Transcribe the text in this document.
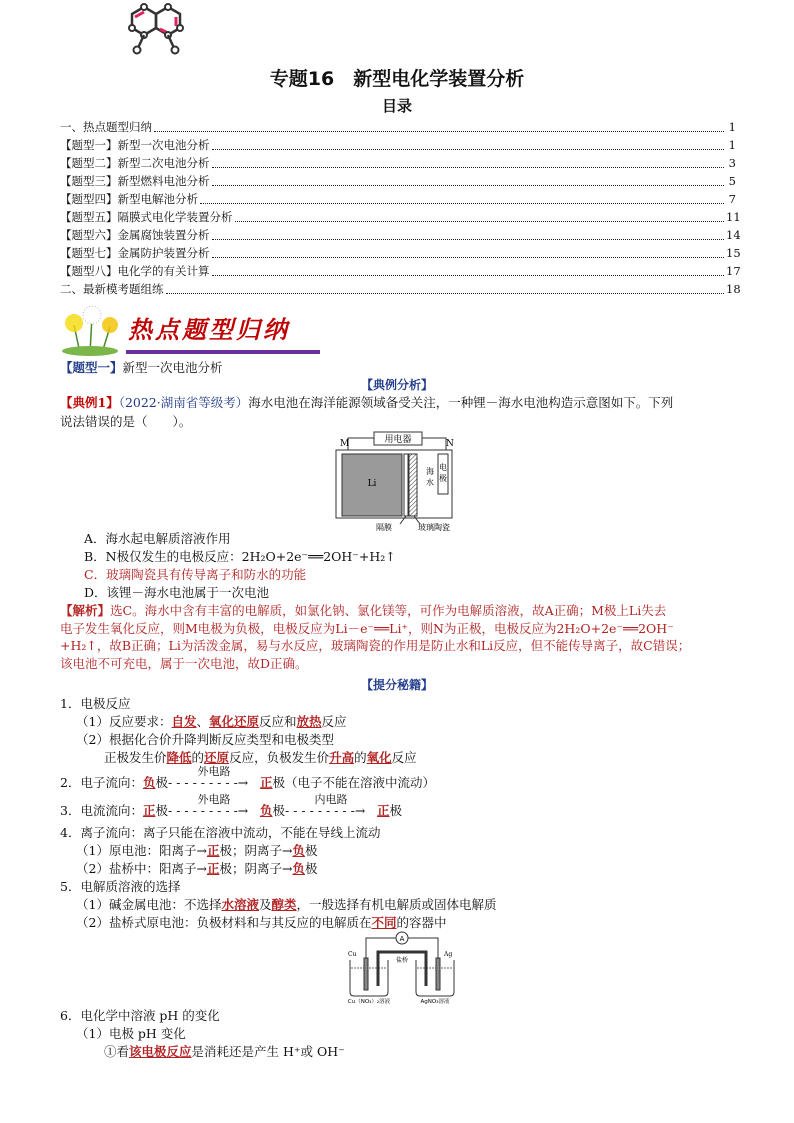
专题16　新型电化学装置分析
目录
一、热点题型归纳	1
【题型一】新型一次电池分析	1
【题型二】新型二次电池分析	3
【题型三】新型燃料电池分析	5
【题型四】新型电解池分析	7
【题型五】隔膜式电化学装置分析	11
【题型六】金属腐蚀装置分析	14
【题型七】金属防护装置分析	15
【题型八】电化学的有关计算	17
二、最新模考题组练	18
热点题型归纳
【题型一】新型一次电池分析
【典例分析】
【典例1】（2022·湖南省等级考）海水电池在海洋能源领域备受关注，一种锂－海水电池构造示意图如下。下列
说法错误的是（　　）。
用电器
M	N
Li
海
水
电
极
隔膜	玻璃陶瓷
A．海水起电解质溶液作用
B．N极仅发生的电极反应：2H₂O+2e⁻══2OH⁻+H₂↑
C．玻璃陶瓷具有传导离子和防水的功能
D．该锂－海水电池属于一次电池
【解析】选C。海水中含有丰富的电解质，如氯化钠、氯化镁等，可作为电解质溶液，故A正确；M极上Li失去
电子发生氧化反应，则M电极为负极，电极反应为Li－e⁻══Li⁺，则N为正极，电极反应为2H₂O+2e⁻══2OH⁻
+H₂↑，故B正确；Li为活泼金属，易与水反应，玻璃陶瓷的作用是防止水和Li反应，但不能传导离子，故C错误；
该电池不可充电，属于一次电池，故D正确。
【提分秘籍】
1．电极反应
（1）反应要求：自发、氧化还原反应和放热反应
（2）根据化合价升降判断反应类型和电极类型
正极发生价降低的还原反应，负极发生价升高的氧化反应
2．电子流向：负极
外电路
- - - - - - - - -→ 正极（电子不能在溶液中流动）
3．电流流向：正极
外电路
- - - - - - - - -→ 负极
内电路
- - - - - - - - -→ 正极
4．离子流向：离子只能在溶液中流动，不能在导线上流动
（1）原电池：阳离子→正极；阴离子→负极
（2）盐桥中：阳离子→正极；阴离子→负极
5．电解质溶液的选择
（1）碱金属电池：不选择水溶液及醇类，一般选择有机电解质或固体电解质
（2）盐桥式原电池：负极材料和与其反应的电解质在不同的容器中
A
Cu	Ag
盐桥
Cu（NO₃）₂溶液	AgNO₃溶液
6．电化学中溶液 pH 的变化
（1）电极 pH 变化
①看该电极反应是消耗还是产生 H⁺或 OH⁻
